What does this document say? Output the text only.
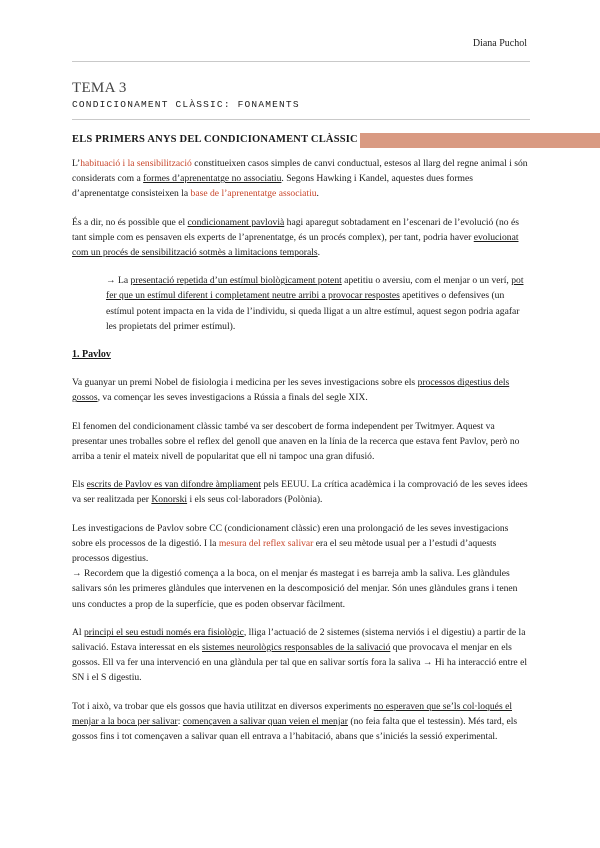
Diana Puchol
TEMA 3
CONDICIONAMENT CLÀSSIC: FONAMENTS
ELS PRIMERS ANYS DEL CONDICIONAMENT CLÀSSIC

L’habituació i la sensibilització constitueixen casos simples de canvi conductual, estesos al llarg del regne animal i són considerats com a formes d’aprenentatge no associatiu. Segons Hawking i Kandel, aquestes dues formes d’aprenentatge consisteixen la base de l’aprenentatge associatiu.

És a dir, no és possible que el condicionament pavlovià hagi aparegut sobtadament en l’escenari de l’evolució (no és tant simple com es pensaven els experts de l’aprenentatge, és un procés complex), per tant, podria haver evolucionat com un procés de sensibilització sotmès a limitacions temporals.

→ La presentació repetida d’un estímul biològicament potent apetitiu o aversiu, com el menjar o un verí, pot fer que un estímul diferent i completament neutre arribi a provocar respostes apetitives o defensives (un estímul potent impacta en la vida de l’individu, si queda lligat a un altre estímul, aquest segon podria agafar les propietats del primer estímul).

1. Pavlov

Va guanyar un premi Nobel de fisiologia i medicina per les seves investigacions sobre els processos digestius dels gossos, va començar les seves investigacions a Rússia a finals del segle XIX.

El fenomen del condicionament clàssic també va ser descobert de forma independent per Twitmyer. Aquest va presentar unes troballes sobre el reflex del genoll que anaven en la línia de la recerca que estava fent Pavlov, però no arriba a tenir el mateix nivell de popularitat que ell ni tampoc una gran difusió.

Els escrits de Pavlov es van difondre àmpliament pels EEUU. La crítica acadèmica i la comprovació de les seves idees va ser realitzada per Konorski i els seus col·laboradors (Polònia).

Les investigacions de Pavlov sobre CC (condicionament clàssic) eren una prolongació de les seves investigacions sobre els processos de la digestió. I la mesura del reflex salivar era el seu mètode usual per a l’estudi d’aquests processos digestius.
→ Recordem que la digestió comença a la boca, on el menjar és mastegat i es barreja amb la saliva. Les glàndules salivars són les primeres glàndules que intervenen en la descomposició del menjar. Són unes glàndules grans i tenen uns conductes a prop de la superfície, que es poden observar fàcilment.

Al principi el seu estudi només era fisiològic, lliga l’actuació de 2 sistemes (sistema nerviós i el digestiu) a partir de la salivació. Estava interessat en els sistemes neurològics responsables de la salivació que provocava el menjar en els gossos. Ell va fer una intervenció en una glàndula per tal que en salivar sortís fora la saliva → Hi ha interacció entre el SN i el S digestiu.

Tot i això, va trobar que els gossos que havia utilitzat en diversos experiments no esperaven que se’ls col·loqués el menjar a la boca per salivar: començaven a salivar quan veien el menjar (no feia falta que el testessin). Més tard, els gossos fins i tot començaven a salivar quan ell entrava a l’habitació, abans que s’iniciés la sessió experimental.
